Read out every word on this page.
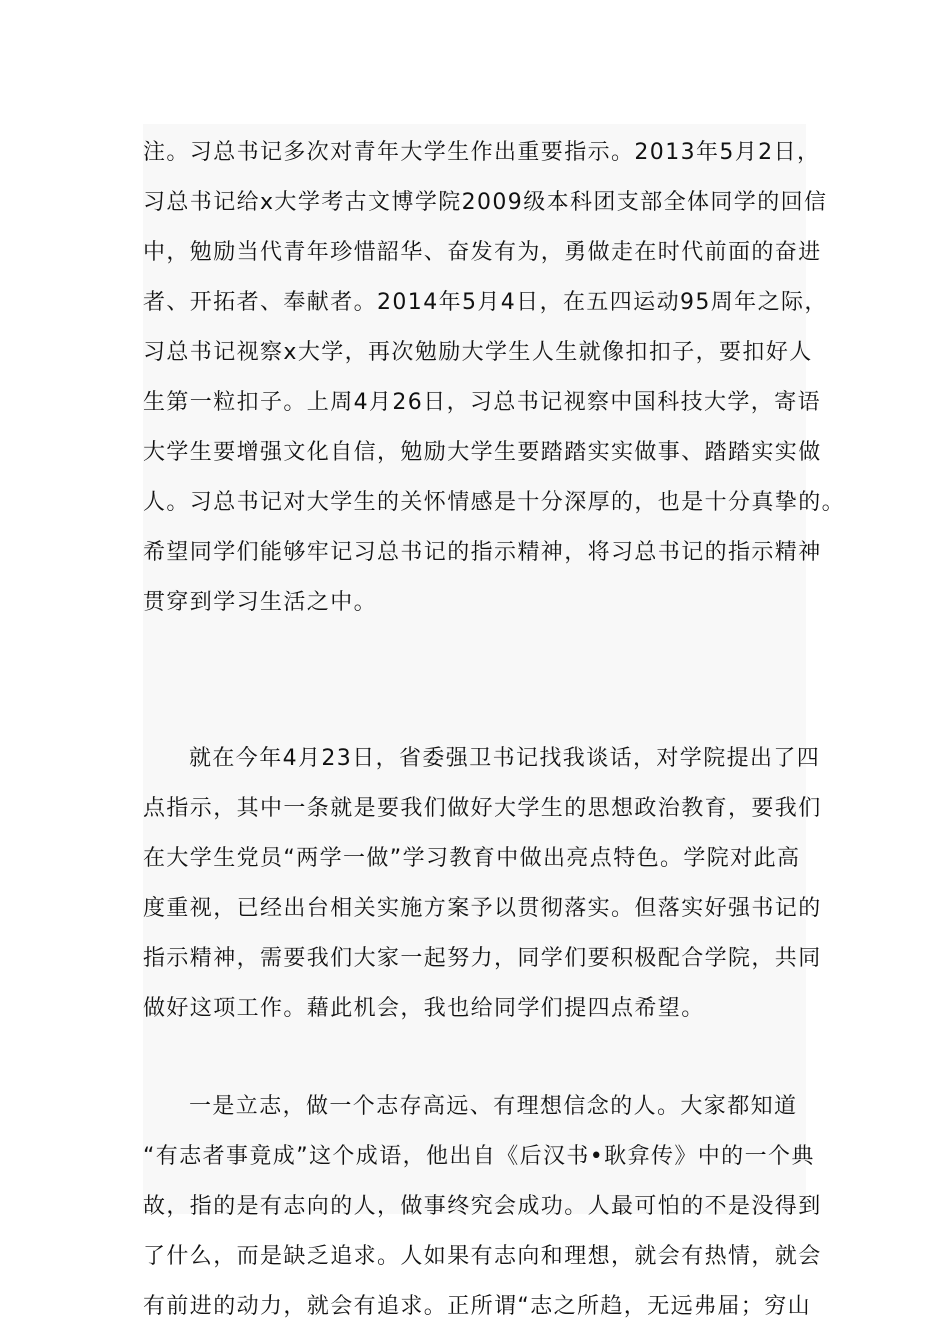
注。习总书记多次对青年大学生作出重要指示。2013年5月2日，
习总书记给x大学考古文博学院2009级本科团支部全体同学的回信
中，勉励当代青年珍惜韶华、奋发有为，勇做走在时代前面的奋进
者、开拓者、奉献者。2014年5月4日，在五四运动95周年之际，
习总书记视察x大学，再次勉励大学生人生就像扣扣子，要扣好人
生第一粒扣子。上周4月26日，习总书记视察中国科技大学，寄语
大学生要增强文化自信，勉励大学生要踏踏实实做事、踏踏实实做
人。习总书记对大学生的关怀情感是十分深厚的，也是十分真挚的。
希望同学们能够牢记习总书记的指示精神，将习总书记的指示精神
贯穿到学习生活之中。
就在今年4月23日，省委强卫书记找我谈话，对学院提出了四
点指示，其中一条就是要我们做好大学生的思想政治教育，要我们
在大学生党员“两学一做”学习教育中做出亮点特色。学院对此高
度重视，已经出台相关实施方案予以贯彻落实。但落实好强书记的
指示精神，需要我们大家一起努力，同学们要积极配合学院，共同
做好这项工作。藉此机会，我也给同学们提四点希望。
一是立志，做一个志存高远、有理想信念的人。大家都知道
“有志者事竟成”这个成语，他出自《后汉书•耿弇传》中的一个典
故，指的是有志向的人，做事终究会成功。人最可怕的不是没得到
了什么，而是缺乏追求。人如果有志向和理想，就会有热情，就会
有前进的动力，就会有追求。正所谓“志之所趋，无远弗届；穷山
